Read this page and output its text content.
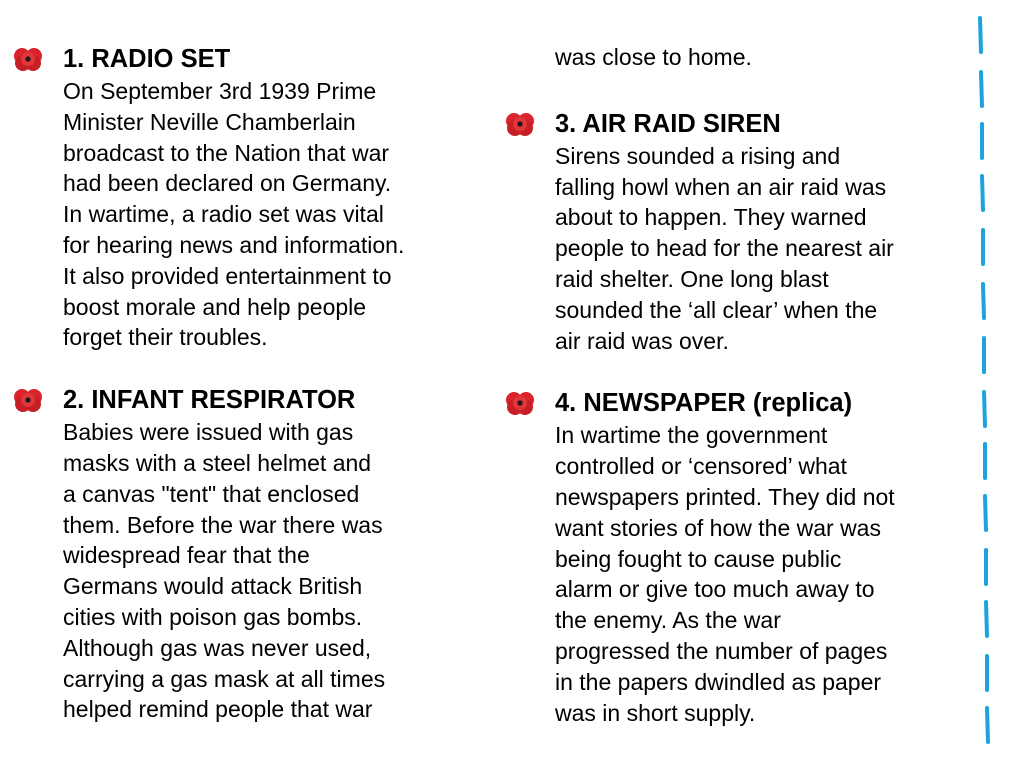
1. RADIO SET
On September 3rd 1939 Prime
Minister Neville Chamberlain
broadcast to the Nation that war
had been declared on Germany.
In wartime, a radio set was vital
for hearing news and information.
It also provided entertainment to
boost morale and help people
forget their troubles.
2. INFANT RESPIRATOR
Babies were issued with gas
masks with a steel helmet and
a canvas "tent" that enclosed
them. Before the war there was
widespread fear that the
Germans would attack British
cities with poison gas bombs.
Although gas was never used,
carrying a gas mask at all times
helped remind people that war
was close to home.
3. AIR RAID SIREN
Sirens sounded a rising and
falling howl when an air raid was
about to happen. They warned
people to head for the nearest air
raid shelter. One long blast
sounded the ‘all clear’ when the
air raid was over.
4. NEWSPAPER (replica)
In wartime the government
controlled or ‘censored’ what
newspapers printed. They did not
want stories of how the war was
being fought to cause public
alarm or give too much away to
the enemy. As the war
progressed the number of pages
in the papers dwindled as paper
was in short supply.
